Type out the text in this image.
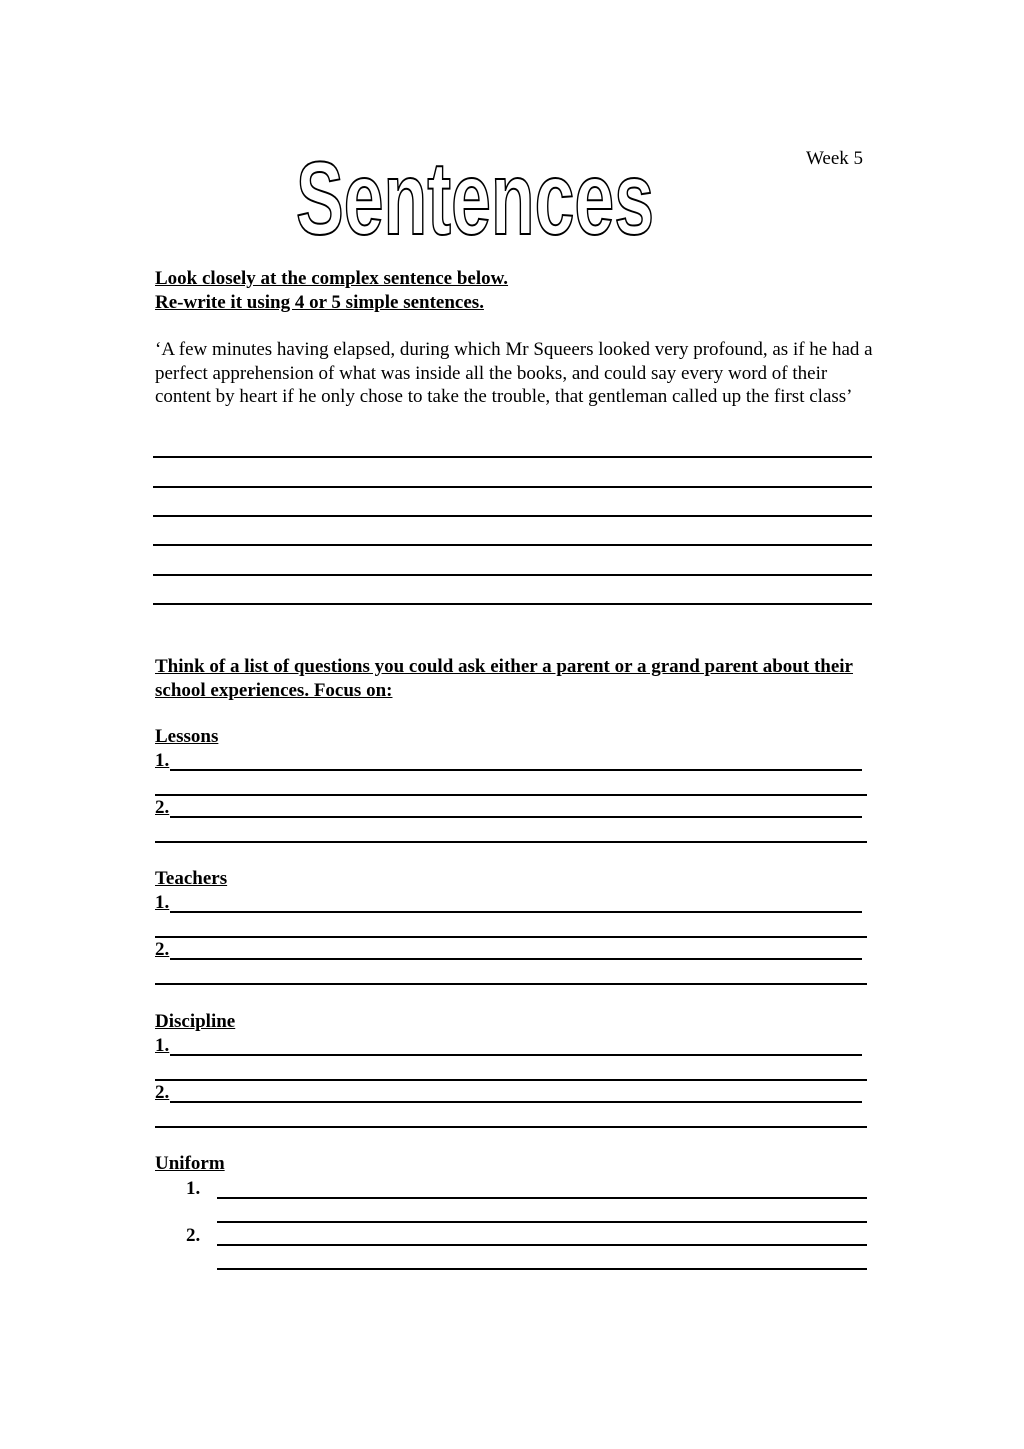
Sentences	Week 5
Look closely at the complex sentence below.
Re-write it using 4 or 5 simple sentences.
‘A few minutes having elapsed, during which Mr Squeers looked very profound, as if he had a perfect apprehension of what was inside all the books, and could say every word of their content by heart if he only chose to take the trouble, that gentleman called up the first class’
Think of a list of questions you could ask either a parent or a grand parent about their school experiences. Focus on:
Lessons
1.
2.
Teachers
1.
2.
Discipline
1.
2.
Uniform
1.
2.
